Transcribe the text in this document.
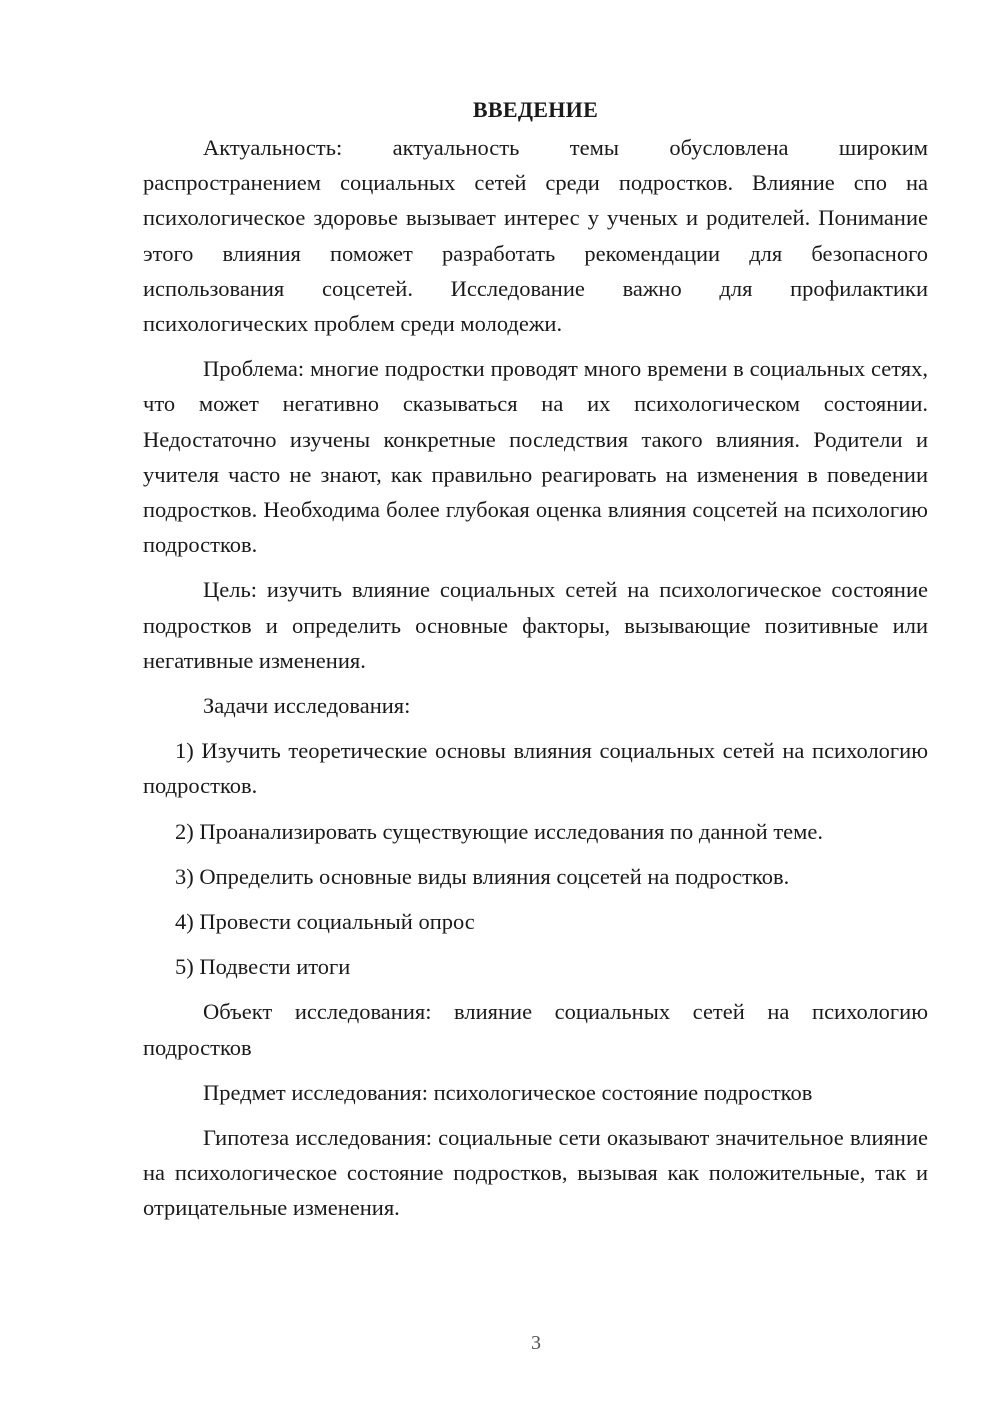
ВВЕДЕНИЕ

Актуальность: актуальность темы обусловлена широким распространением социальных сетей среди подростков. Влияние спо на психологическое здоровье вызывает интерес у ученых и родителей. Понимание этого влияния поможет разработать рекомендации для безопасного использования соцсетей. Исследование важно для профилактики психологических проблем среди молодежи.

Проблема: многие подростки проводят много времени в социальных сетях, что может негативно сказываться на их психологическом состоянии. Недостаточно изучены конкретные последствия такого влияния. Родители и учителя часто не знают, как правильно реагировать на изменения в поведении подростков. Необходима более глубокая оценка влияния соцсетей на психологию подростков.

Цель: изучить влияние социальных сетей на психологическое состояние подростков и определить основные факторы, вызывающие позитивные или негативные изменения.

Задачи исследования:

1) Изучить теоретические основы влияния социальных сетей на психологию подростков.

2) Проанализировать существующие исследования по данной теме.

3) Определить основные виды влияния соцсетей на подростков.

4) Провести социальный опрос

5) Подвести итоги

Объект исследования: влияние социальных сетей на психологию подростков

Предмет исследования: психологическое состояние подростков

Гипотеза исследования: социальные сети оказывают значительное влияние на психологическое состояние подростков, вызывая как положительные, так и отрицательные изменения.

3
